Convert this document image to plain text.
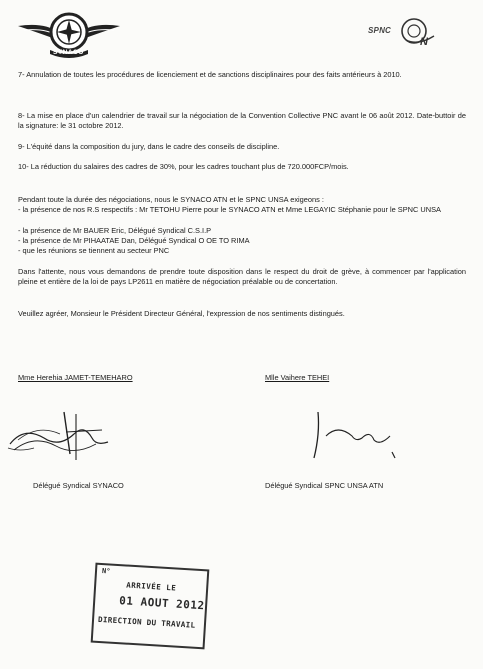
SYNACO
SPNC
N
7- Annulation de toutes les procédures de licenciement et de sanctions disciplinaires pour des faits antérieurs à 2010.
8- La mise en place d'un calendrier de travail sur la négociation de la Convention Collective PNC avant le 06 août 2012. Date-buttoir de la signature: le 31 octobre 2012.
9- L'équité dans la composition du jury, dans le cadre des conseils de discipline.
10- La réduction du salaires des cadres de 30%, pour les cadres touchant plus de 720.000FCP/mois.
Pendant toute la durée des négociations, nous le SYNACO ATN et le SPNC UNSA exigeons :
- la présence de nos R.S respectifs : Mr TETOHU Pierre pour le SYNACO ATN et Mme LEGAYIC Stéphanie pour le SPNC UNSA
- la présence de Mr BAUER Eric, Délégué Syndical C.S.I.P
- la présence de Mr PIHAATAE Dan, Délégué Syndical O OE TO RIMA
- que les réunions se tiennent au secteur PNC
Dans l'attente, nous vous demandons de prendre toute disposition dans le respect du droit de grève, à commencer par l'application pleine et entière de la loi de pays LP2611 en matière de négociation préalable ou de concertation.
Veuillez agréer, Monsieur le Président Directeur Général, l'expression de nos sentiments distingués.
Mme Herehia JAMET-TEMEHARO	Mlle Vaihere TEHEI
Délégué Syndical SYNACO	Délégué Syndical SPNC UNSA ATN
N°
ARRIVÉE LE
01 AOUT 2012
DIRECTION DU TRAVAIL
